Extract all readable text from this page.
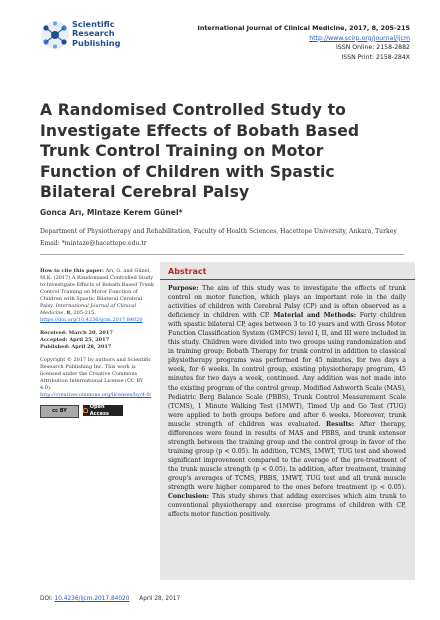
Scientific
Research
Publishing
International Journal of Clinical Medicine, 2017, 8, 205-215
http://www.scirp.org/journal/ijcm
ISSN Online: 2158-2882
ISSN Print: 2158-284X
A Randomised Controlled Study to Investigate Effects of Bobath Based Trunk Control Training on Motor Function of Children with Spastic Bilateral Cerebral Palsy
Gonca Arı, Mintaze Kerem Günel*
Department of Physiotherapy and Rehabilitation, Faculty of Health Sciences, Hacettepe University, Ankara, Turkey
Email: *mintaze@hacettepe.edu.tr

How to cite this paper: Arı, G. and Günel, M.K. (2017) A Randomised Controlled Study to Investigate Effects of Bobath Based Trunk Control Training on Motor Function of Children with Spastic Bilateral Cerebral Palsy. International Journal of Clinical Medicine, 8, 205-215. https://doi.org/10.4236/ijcm.2017.84020

Received: March 20, 2017
Accepted: April 25, 2017
Published: April 28, 2017

Copyright © 2017 by authors and Scientific Research Publishing Inc. This work is licensed under the Creative Commons Attribution International License (CC BY 4.0).
http://creativecommons.org/licenses/by/4.0/

cc BY
Open Access
Abstract
Purpose: The aim of this study was to investigate the effects of trunk control on motor function, which plays an important role in the daily activities of children with Cerebral Palsy (CP) and is often observed as a deficiency in children with CP. Material and Methods: Forty children with spastic bilateral CP, ages between 3 to 10 years and with Gross Motor Function Classification System (GMFCS) level I, II, and III were included in this study. Children were divided into two groups using randomization and in training group; Bobath Therapy for trunk control in addition to classical physiotherapy programs was performed for 45 minutes, for two days a week, for 6 weeks. In control group, existing physiotherapy program, 45 minutes for two days a week, continued. Any addition was not made into the existing program of the control group. Modified Ashworth Scale (MAS), Pediatric Berg Balance Scale (PBBS), Trunk Control Measurement Scale (TCMS), 1 Minute Walking Test (1MWT), Timed Up and Go Test (TUG) were applied to both groups before and after 6 weeks. Moreover, trunk muscle strength of children was evaluated. Results: After therapy, differences were found in results of MAS and PBBS, and trunk extensor strength between the training group and the control group in favor of the training group (p < 0.05). In addition, TCMS, 1MWT, TUG test and showed significant improvement compared to the average of the pre-treatment of the trunk muscle strength (p < 0.05). In addition, after treatment, training group's averages of TCMS, PBBS, 1MWT, TUG test and all trunk muscle strength were higher compared to the ones before treatment (p < 0.05). Conclusion: This study shows that adding exercises which aim trunk to conventional physiotherapy and exercise programs of children with CP, affects motor function positively.
DOI: 10.4236/ijcm.2017.84020 April 28, 2017
